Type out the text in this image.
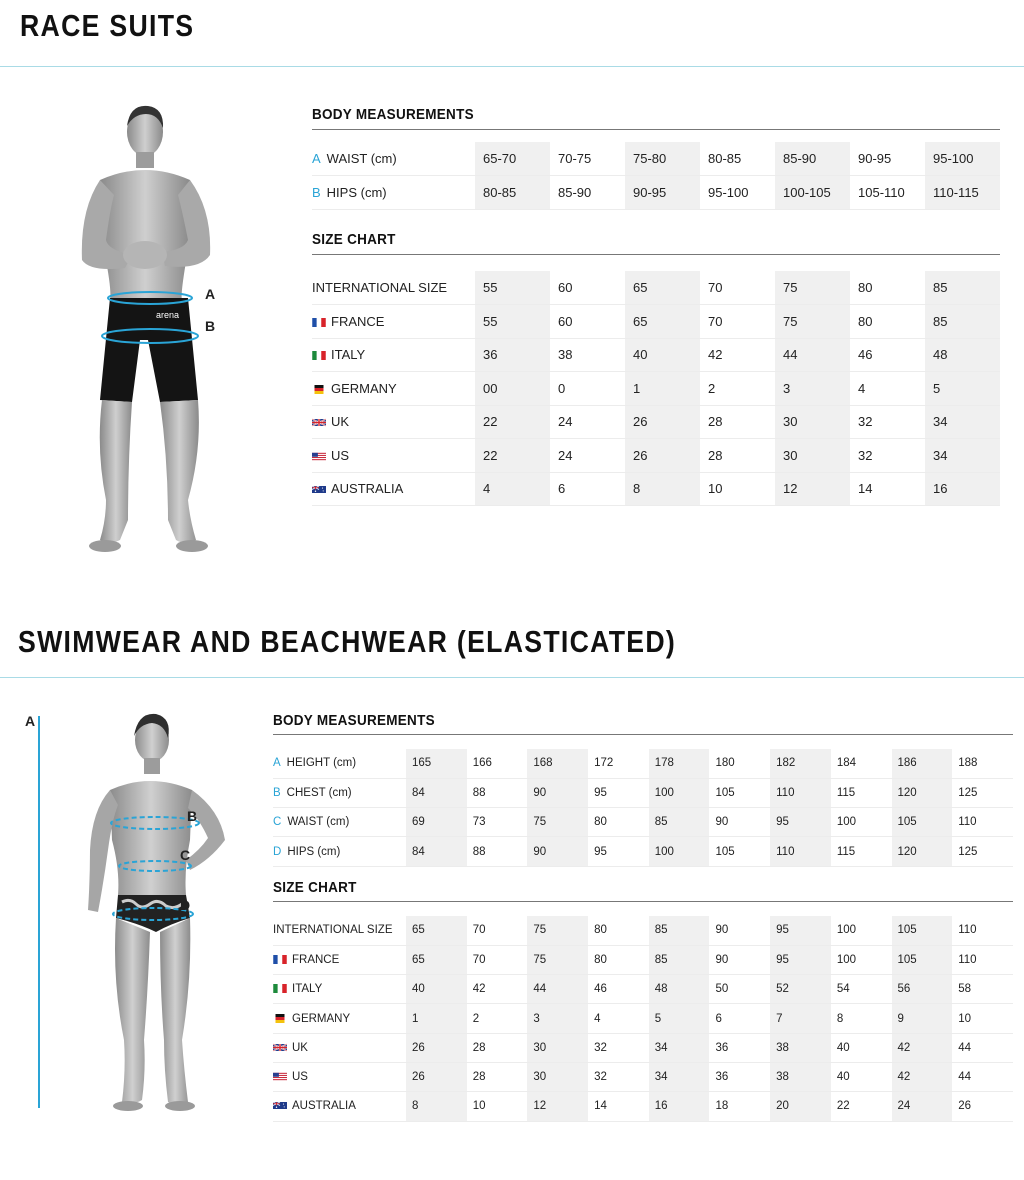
RACE SUITS
arena
A
B
BODY MEASUREMENTS
A WAIST (cm)	65-70	70-75	75-80	80-85	85-90	90-95	95-100
B HIPS (cm)	80-85	85-90	90-95	95-100	100-105	105-110	110-115
SIZE CHART
INTERNATIONAL SIZE	55	60	65	70	75	80	85
FRANCE	55	60	65	70	75	80	85
ITALY	36	38	40	42	44	46	48
GERMANY	00	0	1	2	3	4	5
UK	22	24	26	28	30	32	34
US	22	24	26	28	30	32	34
AUSTRALIA	4	6	8	10	12	14	16
SWIMWEAR AND BEACHWEAR (ELASTICATED)
A
B
C
D
BODY MEASUREMENTS
A HEIGHT (cm)	165	166	168	172	178	180	182	184	186	188
B CHEST (cm)	84	88	90	95	100	105	110	115	120	125
C WAIST (cm)	69	73	75	80	85	90	95	100	105	110
D HIPS (cm)	84	88	90	95	100	105	110	115	120	125
SIZE CHART
INTERNATIONAL SIZE	65	70	75	80	85	90	95	100	105	110
FRANCE	65	70	75	80	85	90	95	100	105	110
ITALY	40	42	44	46	48	50	52	54	56	58
GERMANY	1	2	3	4	5	6	7	8	9	10
UK	26	28	30	32	34	36	38	40	42	44
US	26	28	30	32	34	36	38	40	42	44
AUSTRALIA	8	10	12	14	16	18	20	22	24	26
